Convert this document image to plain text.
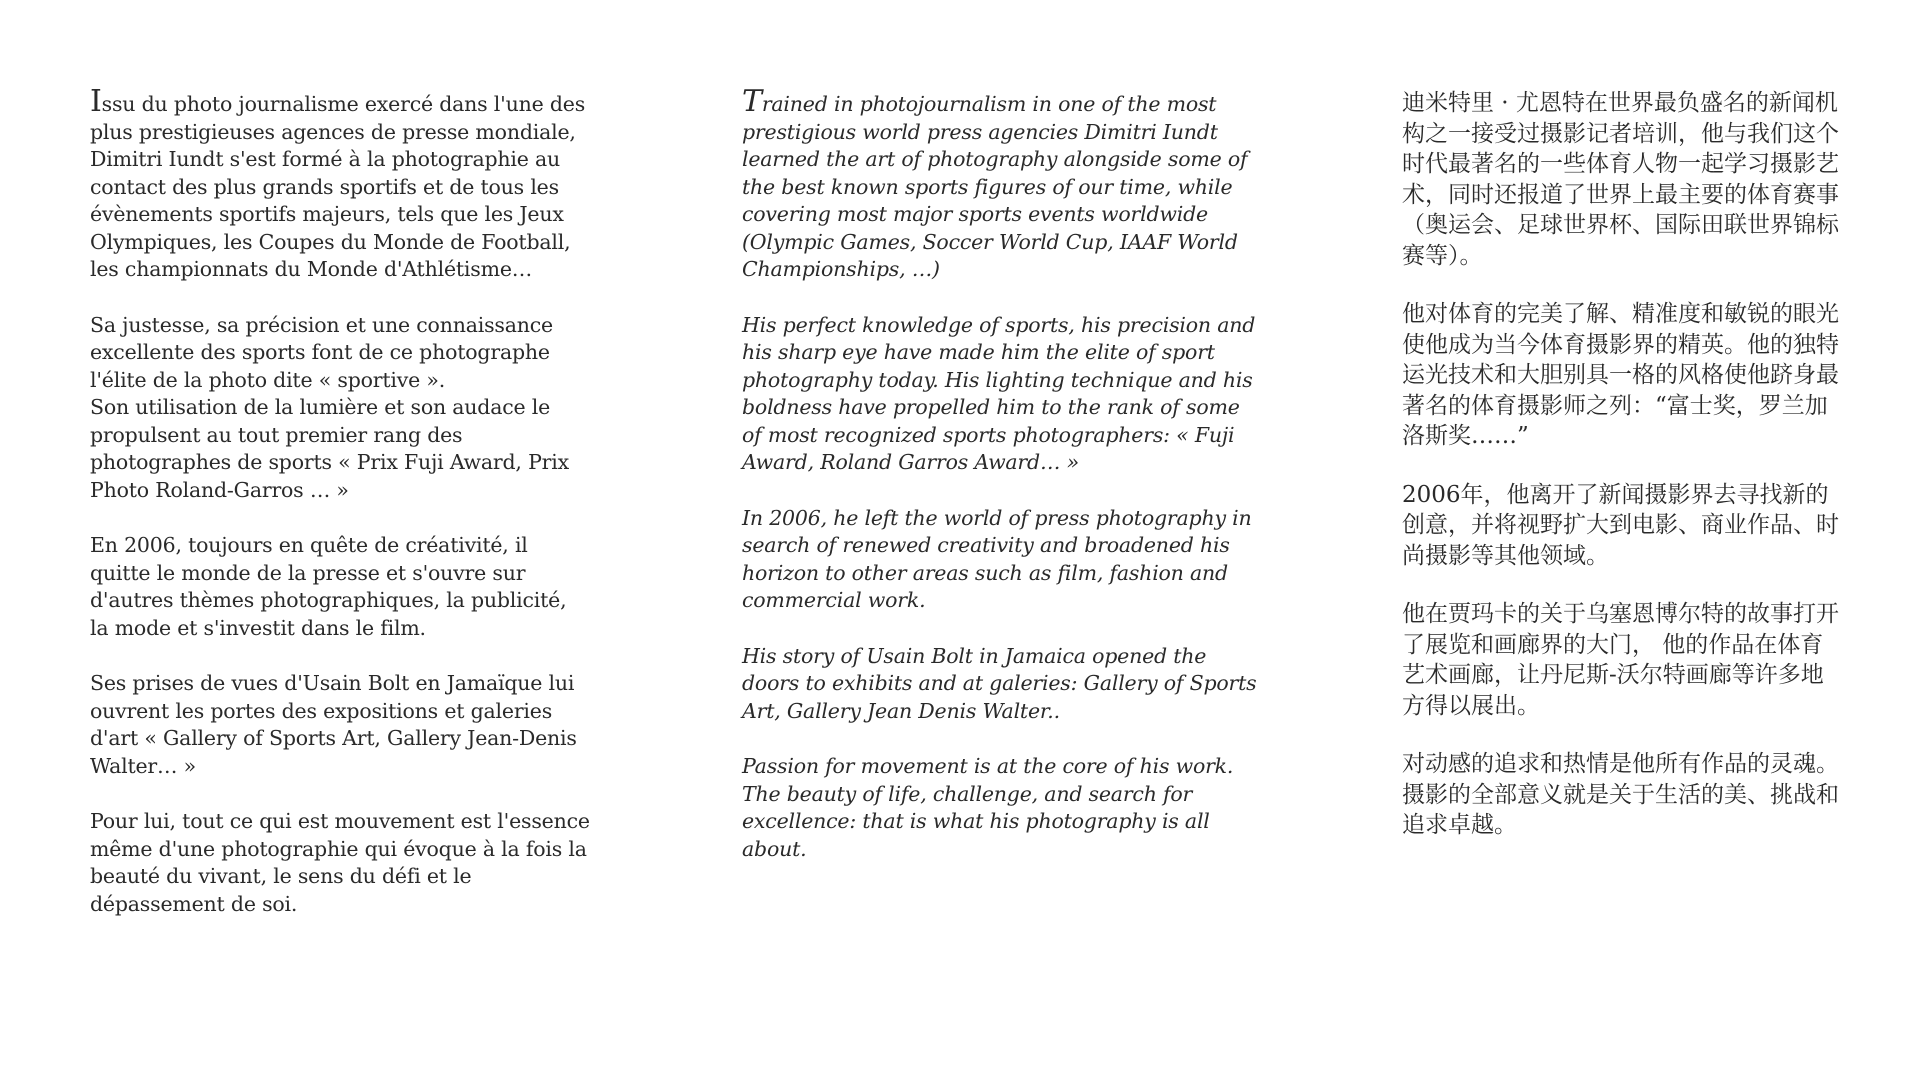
Issu du photo journalisme exercé dans l'une des plus prestigieuses agences de presse mondiale, Dimitri Iundt s'est formé à la photographie au contact des plus grands sportifs et de tous les évènements sportifs majeurs, tels que les Jeux Olympiques, les Coupes du Monde de Football, les championnats du Monde d'Athlétisme…

Sa justesse, sa précision et une connaissance excellente des sports font de ce photographe l'élite de la photo dite « sportive ».
Son utilisation de la lumière et son audace le propulsent au tout premier rang des photographes de sports « Prix Fuji Award, Prix Photo Roland-Garros … »

En 2006, toujours en quête de créativité, il quitte le monde de la presse et s'ouvre sur d'autres thèmes photographiques, la publicité, la mode et s'investit dans le film.

Ses prises de vues d'Usain Bolt en Jamaïque lui ouvrent les portes des expositions et galeries d'art « Gallery of Sports Art, Gallery Jean-Denis Walter… »

Pour lui, tout ce qui est mouvement est l'essence même d'une photographie qui évoque à la fois la beauté du vivant, le sens du défi et le dépassement de soi.

Trained in photojournalism in one of the most prestigious world press agencies Dimitri Iundt learned the art of photography alongside some of the best known sports figures of our time, while covering most major sports events worldwide (Olympic Games, Soccer World Cup, IAAF World Championships, …)

His perfect knowledge of sports, his precision and his sharp eye have made him the elite of sport photography today. His lighting technique and his boldness have propelled him to the rank of some of most recognized sports photographers: « Fuji Award, Roland Garros Award… »

In 2006, he left the world of press photography in search of renewed creativity and broadened his horizon to other areas such as film, fashion and commercial work.

His story of Usain Bolt in Jamaica opened the doors to exhibits and at galeries: Gallery of Sports Art, Gallery Jean Denis Walter..

Passion for movement is at the core of his work. The beauty of life, challenge, and search for excellence: that is what his photography is all about.

迪米特里 · 尤恩特在世界最负盛名的新闻机构之一接受过摄影记者培训，他与我们这个时代最著名的一些体育人物一起学习摄影艺术，同时还报道了世界上最主要的体育赛事（奥运会、足球世界杯、国际田联世界锦标赛等）。

他对体育的完美了解、精准度和敏锐的眼光使他成为当今体育摄影界的精英。他的独特运光技术和大胆别具一格的风格使他跻身最著名的体育摄影师之列：“富士奖，罗兰加洛斯奖……”

2006年，他离开了新闻摄影界去寻找新的创意，并将视野扩大到电影、商业作品、时尚摄影等其他领域。

他在贾玛卡的关于乌塞恩博尔特的故事打开了展览和画廊界的大门， 他的作品在体育艺术画廊，让丹尼斯-沃尔特画廊等许多地方得以展出。

对动感的追求和热情是他所有作品的灵魂。摄影的全部意义就是关于生活的美、挑战和追求卓越。
